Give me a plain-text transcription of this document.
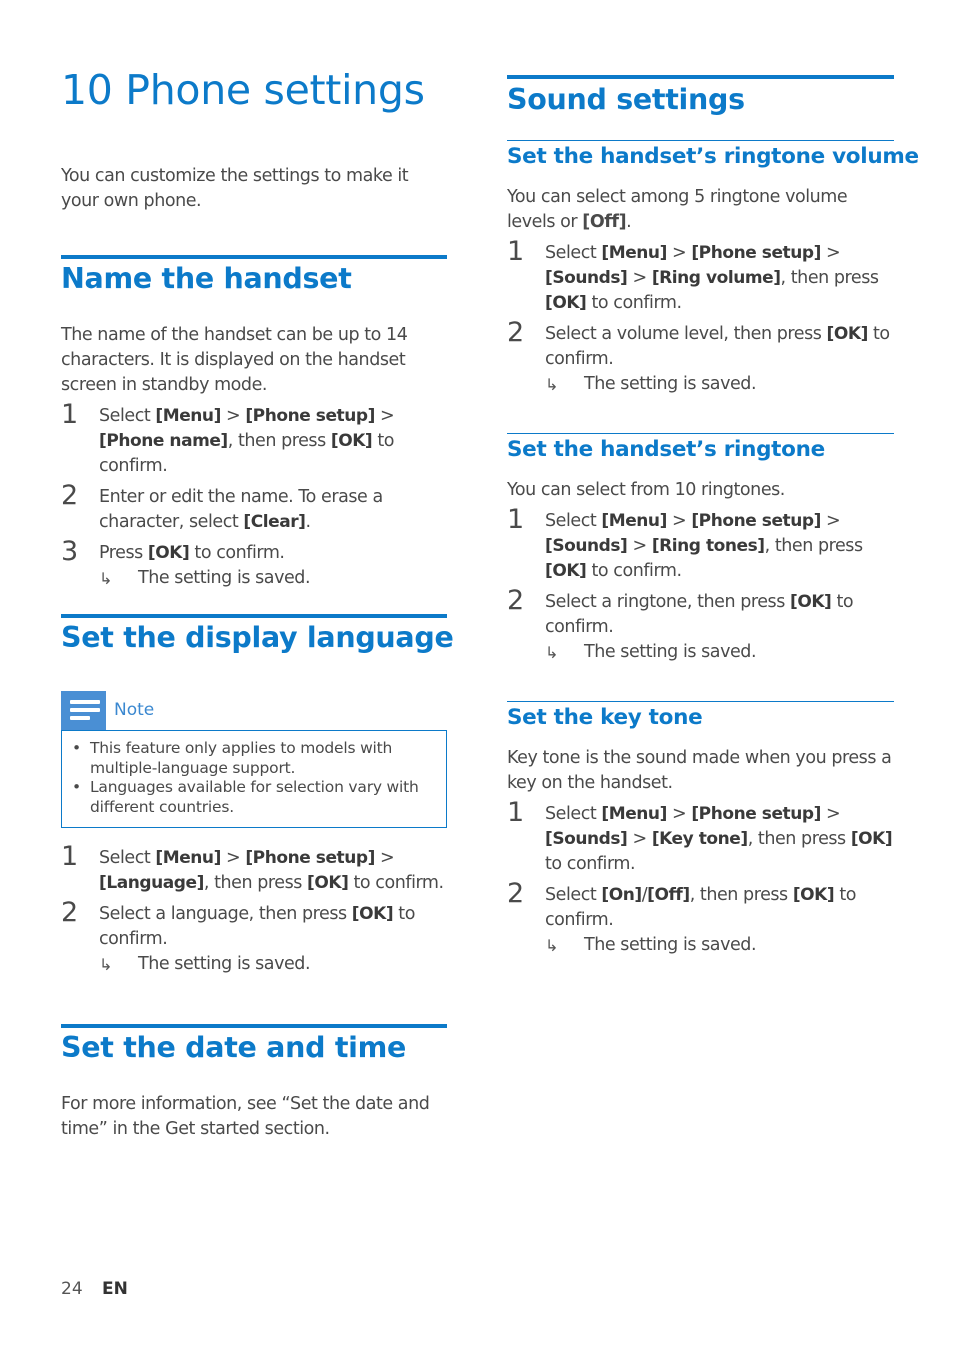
10 Phone settings

You can customize the settings to make it your own phone.

Name the handset

The name of the handset can be up to 14 characters. It is displayed on the handset screen in standby mode.

1 Select [Menu] > [Phone setup] > [Phone name], then press [OK] to confirm.
2 Enter or edit the name. To erase a character, select [Clear].
3 Press [OK] to confirm.
↳ The setting is saved.
Set the display language
Note
• This feature only applies to models with multiple-language support.
• Languages available for selection vary with different countries.
1 Select [Menu] > [Phone setup] > [Language], then press [OK] to confirm.
2 Select a language, then press [OK] to confirm.
↳ The setting is saved.
Set the date and time

For more information, see “Set the date and time” in the Get started section.

Sound settings
Set the handset’s ringtone volume

You can select among 5 ringtone volume levels or [Off].

1 Select [Menu] > [Phone setup] > [Sounds] > [Ring volume], then press [OK] to confirm.
2 Select a volume level, then press [OK] to confirm.
↳ The setting is saved.
Set the handset’s ringtone

You can select from 10 ringtones.

1 Select [Menu] > [Phone setup] > [Sounds] > [Ring tones], then press [OK] to confirm.
2 Select a ringtone, then press [OK] to confirm.
↳ The setting is saved.
Set the key tone

Key tone is the sound made when you press a key on the handset.

1 Select [Menu] > [Phone setup] > [Sounds] > [Key tone], then press [OK] to confirm.
2 Select [On]/[Off], then press [OK] to confirm.
↳ The setting is saved.
24 EN
